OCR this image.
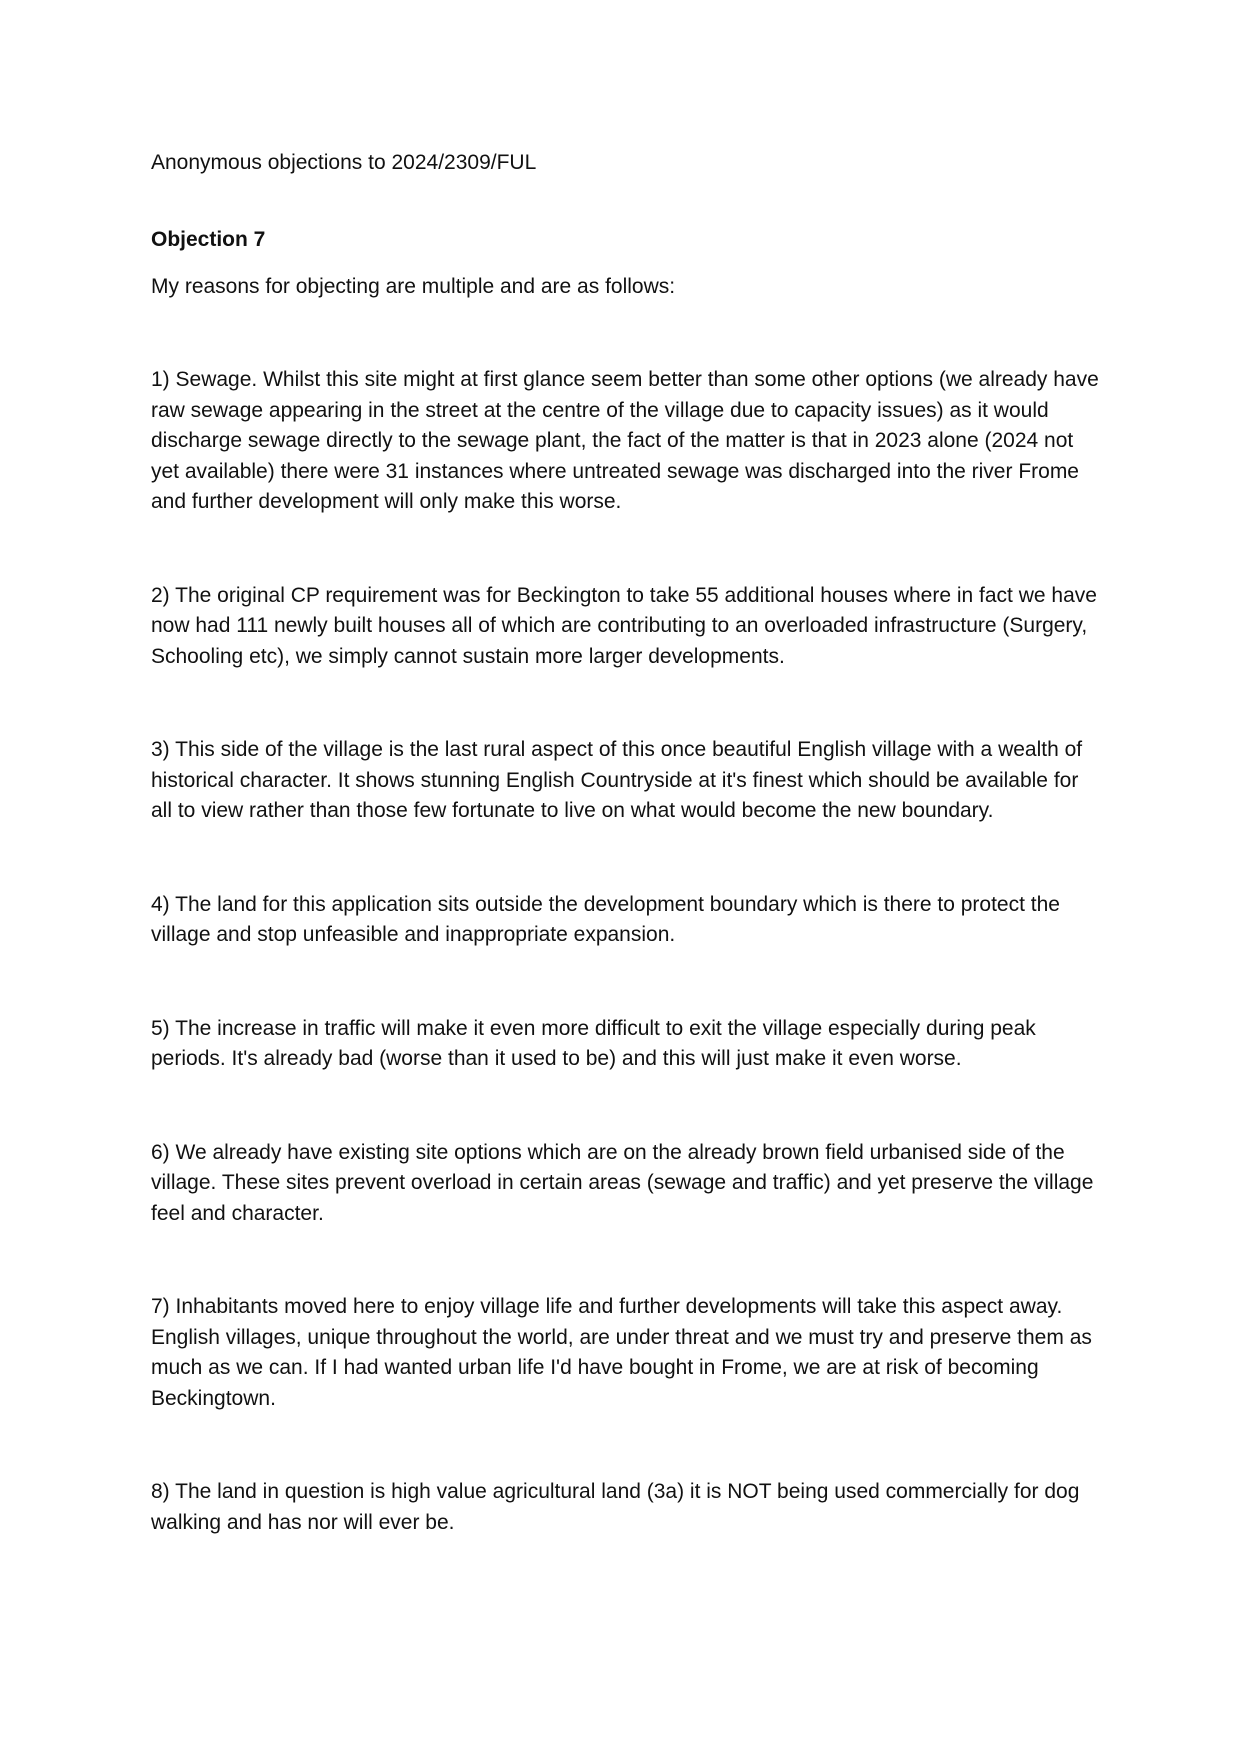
Anonymous objections to 2024/2309/FUL

Objection 7

My reasons for objecting are multiple and are as follows:

1) Sewage. Whilst this site might at first glance seem better than some other options (we already have raw sewage appearing in the street at the centre of the village due to capacity issues) as it would discharge sewage directly to the sewage plant, the fact of the matter is that in 2023 alone (2024 not yet available) there were 31 instances where untreated sewage was discharged into the river Frome and further development will only make this worse.
2) The original CP requirement was for Beckington to take 55 additional houses where in fact we have now had 111 newly built houses all of which are contributing to an overloaded infrastructure (Surgery, Schooling etc), we simply cannot sustain more larger developments.
3) This side of the village is the last rural aspect of this once beautiful English village with a wealth of historical character. It shows stunning English Countryside at it's finest which should be available for all to view rather than those few fortunate to live on what would become the new boundary.
4) The land for this application sits outside the development boundary which is there to protect the village and stop unfeasible and inappropriate expansion.
5) The increase in traffic will make it even more difficult to exit the village especially during peak periods. It's already bad (worse than it used to be) and this will just make it even worse.
6) We already have existing site options which are on the already brown field urbanised side of the village. These sites prevent overload in certain areas (sewage and traffic) and yet preserve the village feel and character.
7) Inhabitants moved here to enjoy village life and further developments will take this aspect away. English villages, unique throughout the world, are under threat and we must try and preserve them as much as we can. If I had wanted urban life I'd have bought in Frome, we are at risk of becoming Beckingtown.
8) The land in question is high value agricultural land (3a) it is NOT being used commercially for dog walking and has nor will ever be.
